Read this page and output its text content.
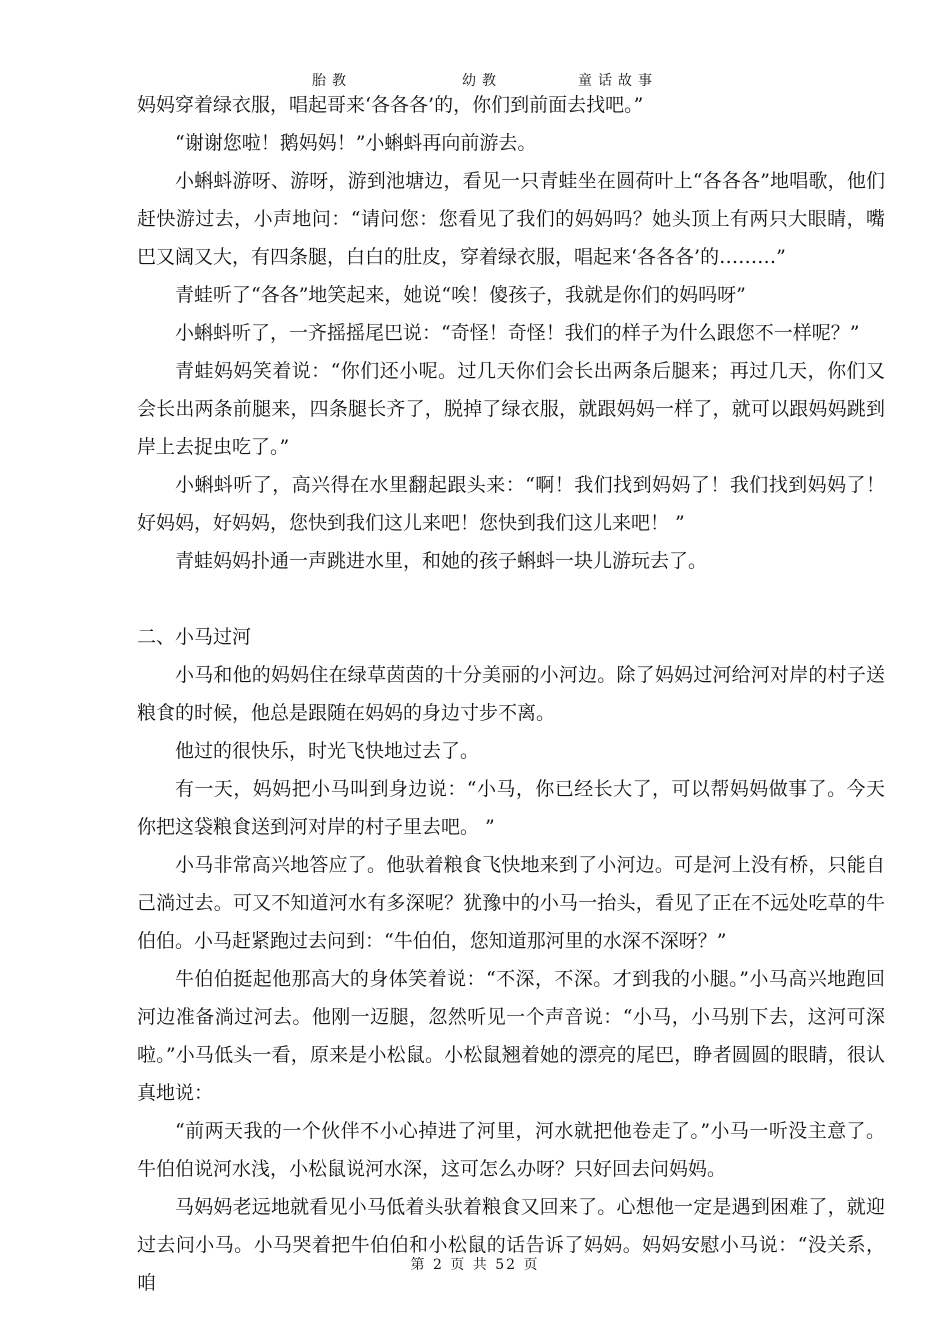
胎教	幼教	童话故事

妈妈穿着绿衣服，唱起哥来‘各各各’的，你们到前面去找吧。”

“谢谢您啦！鹅妈妈！”小蝌蚪再向前游去。

小蝌蚪游呀、游呀，游到池塘边，看见一只青蛙坐在圆荷叶上“各各各”地唱歌，他们赶快游过去，小声地问：“请问您：您看见了我们的妈妈吗？她头顶上有两只大眼睛，嘴巴又阔又大，有四条腿，白白的肚皮，穿着绿衣服，唱起来‘各各各’的………”

青蛙听了“各各”地笑起来，她说“唉！傻孩子，我就是你们的妈吗呀”

小蝌蚪听了，一齐摇摇尾巴说：“奇怪！奇怪！我们的样子为什么跟您不一样呢？”

青蛙妈妈笑着说：“你们还小呢。过几天你们会长出两条后腿来；再过几天，你们又会长出两条前腿来，四条腿长齐了，脱掉了绿衣服，就跟妈妈一样了，就可以跟妈妈跳到岸上去捉虫吃了。”

小蝌蚪听了，高兴得在水里翻起跟头来：“啊！我们找到妈妈了！我们找到妈妈了！好妈妈，好妈妈，您快到我们这儿来吧！您快到我们这儿来吧！ ”

青蛙妈妈扑通一声跳进水里，和她的孩子蝌蚪一块儿游玩去了。

二、小马过河

小马和他的妈妈住在绿草茵茵的十分美丽的小河边。除了妈妈过河给河对岸的村子送粮食的时候，他总是跟随在妈妈的身边寸步不离。

他过的很快乐，时光飞快地过去了。

有一天，妈妈把小马叫到身边说：“小马，你已经长大了，可以帮妈妈做事了。今天你把这袋粮食送到河对岸的村子里去吧。 ”

小马非常高兴地答应了。他驮着粮食飞快地来到了小河边。可是河上没有桥，只能自己淌过去。可又不知道河水有多深呢？犹豫中的小马一抬头，看见了正在不远处吃草的牛伯伯。小马赶紧跑过去问到：“牛伯伯，您知道那河里的水深不深呀？”

牛伯伯挺起他那高大的身体笑着说：“不深，不深。才到我的小腿。”小马高兴地跑回河边准备淌过河去。他刚一迈腿，忽然听见一个声音说：“小马，小马别下去，这河可深啦。”小马低头一看，原来是小松鼠。小松鼠翘着她的漂亮的尾巴，睁者圆圆的眼睛，很认真地说：

“前两天我的一个伙伴不小心掉进了河里，河水就把他卷走了。”小马一听没主意了。牛伯伯说河水浅，小松鼠说河水深，这可怎么办呀？只好回去问妈妈。

马妈妈老远地就看见小马低着头驮着粮食又回来了。心想他一定是遇到困难了，就迎过去问小马。小马哭着把牛伯伯和小松鼠的话告诉了妈妈。妈妈安慰小马说：“没关系，咱

第 2 页 共 52 页
